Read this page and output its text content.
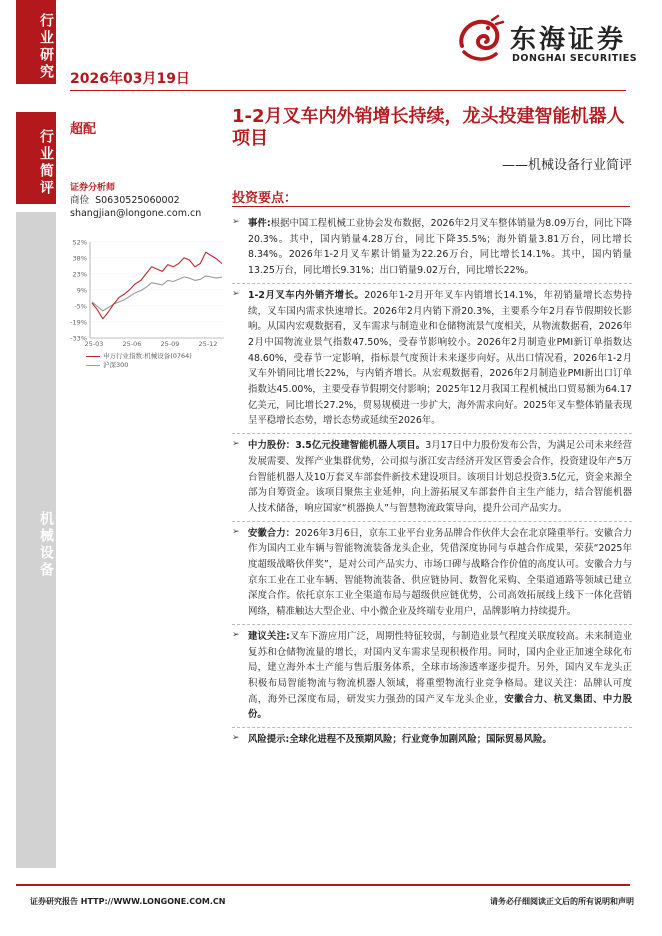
行业研究
行业简评
机械设备
2026年03月19日
超配
东海证券
DONGHAI SECURITIES
1-2月叉车内外销增长持续，龙头投建智能机器人项目
——机械设备行业简评
证券分析师
商俭 S0630525060002
shangjian@longone.com.cn
52%
38%
23%
9%
-5%
-19%
-33%
25-03	25-06	25-09	25-12
申万行业指数:机械设备(0764)
沪深300
投资要点：
➢ 事件:根据中国工程机械工业协会发布数据，2026年2月叉车整体销量为8.09万台，同比下降20.3%。其中，国内销量4.28万台，同比下降35.5%；海外销量3.81万台，同比增长8.34%。2026年1-2月叉车累计销量为22.26万台，同比增长14.1%。其中，国内销量13.25万台，同比增长9.31%；出口销量9.02万台，同比增长22%。
➢ 1-2月叉车内外销齐增长。2026年1-2月开年叉车内销增长14.1%，年初销量增长态势持续，叉车国内需求快速增长。2026年2月内销下滑20.3%，主要系今年2月春节假期较长影响。从国内宏观数据看，叉车需求与制造业和仓储物流景气度相关，从物流数据看，2026年2月中国物流业景气指数47.50%，受春节影响较小。2026年2月制造业PMI新订单指数达48.60%，受春节一定影响，指标景气度预计未来逐步向好。从出口情况看，2026年1-2月叉车外销同比增长22%，与内销齐增长。从宏观数据看，2026年2月制造业PMI新出口订单指数达45.00%，主要受春节假期交付影响；2025年12月我国工程机械出口贸易额为64.17亿美元，同比增长27.2%，贸易规模进一步扩大，海外需求向好。2025年叉车整体销量表现呈平稳增长态势，增长态势或延续至2026年。
➢ 中力股份：3.5亿元投建智能机器人项目。3月17日中力股份发布公告，为满足公司未来经营发展需要、发挥产业集群优势，公司拟与浙江安吉经济开发区管委会合作，投资建设年产5万台智能机器人及10万套叉车部套件新技术建设项目。该项目计划总投资3.5亿元，资金来源全部为自筹资金。该项目聚焦主业延伸，向上游拓展叉车部套件自主生产能力，结合智能机器人技术储备，响应国家“机器换人”与智慧物流政策导向，提升公司产品实力。
➢ 安徽合力：2026年3月6日，京东工业平台业务品牌合作伙伴大会在北京隆重举行。安徽合力作为国内工业车辆与智能物流装备龙头企业，凭借深度协同与卓越合作成果，荣获“2025年度超级战略伙伴奖”，是对公司产品实力、市场口碑与战略合作价值的高度认可。安徽合力与京东工业在工业车辆、智能物流装备、供应链协同、数智化采购、全渠道通路等领域已建立深度合作。依托京东工业全渠道布局与超级供应链优势，公司高效拓展线上线下一体化营销网络，精准触达大型企业、中小微企业及终端专业用户，品牌影响力持续提升。
➢ 建议关注:叉车下游应用广泛，周期性特征较弱，与制造业景气程度关联度较高。未来制造业复苏和仓储物流量的增长，对国内叉车需求呈现积极作用。同时，国内企业正加速全球化布局，建立海外本土产能与售后服务体系，全球市场渗透率逐步提升。另外，国内叉车龙头正积极布局智能物流与物流机器人领域，将重塑物流行业竞争格局。建议关注：品牌认可度高，海外已深度布局，研发实力强劲的国产叉车龙头企业，安徽合力、杭叉集团、中力股份。
➢ 风险提示:全球化进程不及预期风险；行业竞争加剧风险；国际贸易风险。
证券研究报告 HTTP://WWW.LONGONE.COM.CN	请务必仔细阅读正文后的所有说明和声明
